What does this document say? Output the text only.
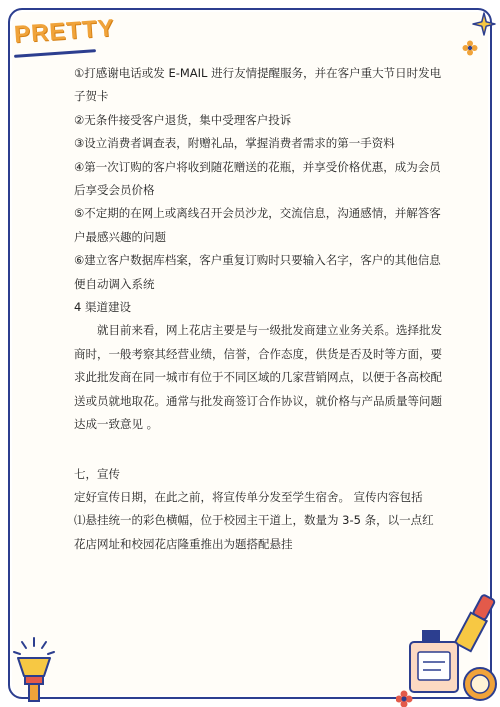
PRETTY

①打感谢电话或发 E-MAIL 进行友情提醒服务，并在客户重大节日时发电子贺卡

②无条件接受客户退货，集中受理客户投诉

③设立消费者调查表，附赠礼品，掌握消费者需求的第一手资料

④第一次订购的客户将收到随花赠送的花瓶，并享受价格优惠，成为会员后享受会员价格

⑤不定期的在网上或离线召开会员沙龙，交流信息，沟通感情，并解答客户最感兴趣的问题

⑥建立客户数据库档案，客户重复订购时只要输入名字，客户的其他信息便自动调入系统

4 渠道建设

就目前来看，网上花店主要是与一级批发商建立业务关系。选择批发商时，一般考察其经营业绩，信誉，合作态度，供货是否及时等方面，要求此批发商在同一城市有位于不同区域的几家营销网点，以便于各高校配送或员就地取花。通常与批发商签订合作协议，就价格与产品质量等问题达成一致意见 。

七，宣传

定好宣传日期，在此之前，将宣传单分发至学生宿舍。 宣传内容包括

⑴悬挂统一的彩色横幅，位于校园主干道上，数量为 3-5 条，以一点红花店网址和校园花店隆重推出为题搭配悬挂
